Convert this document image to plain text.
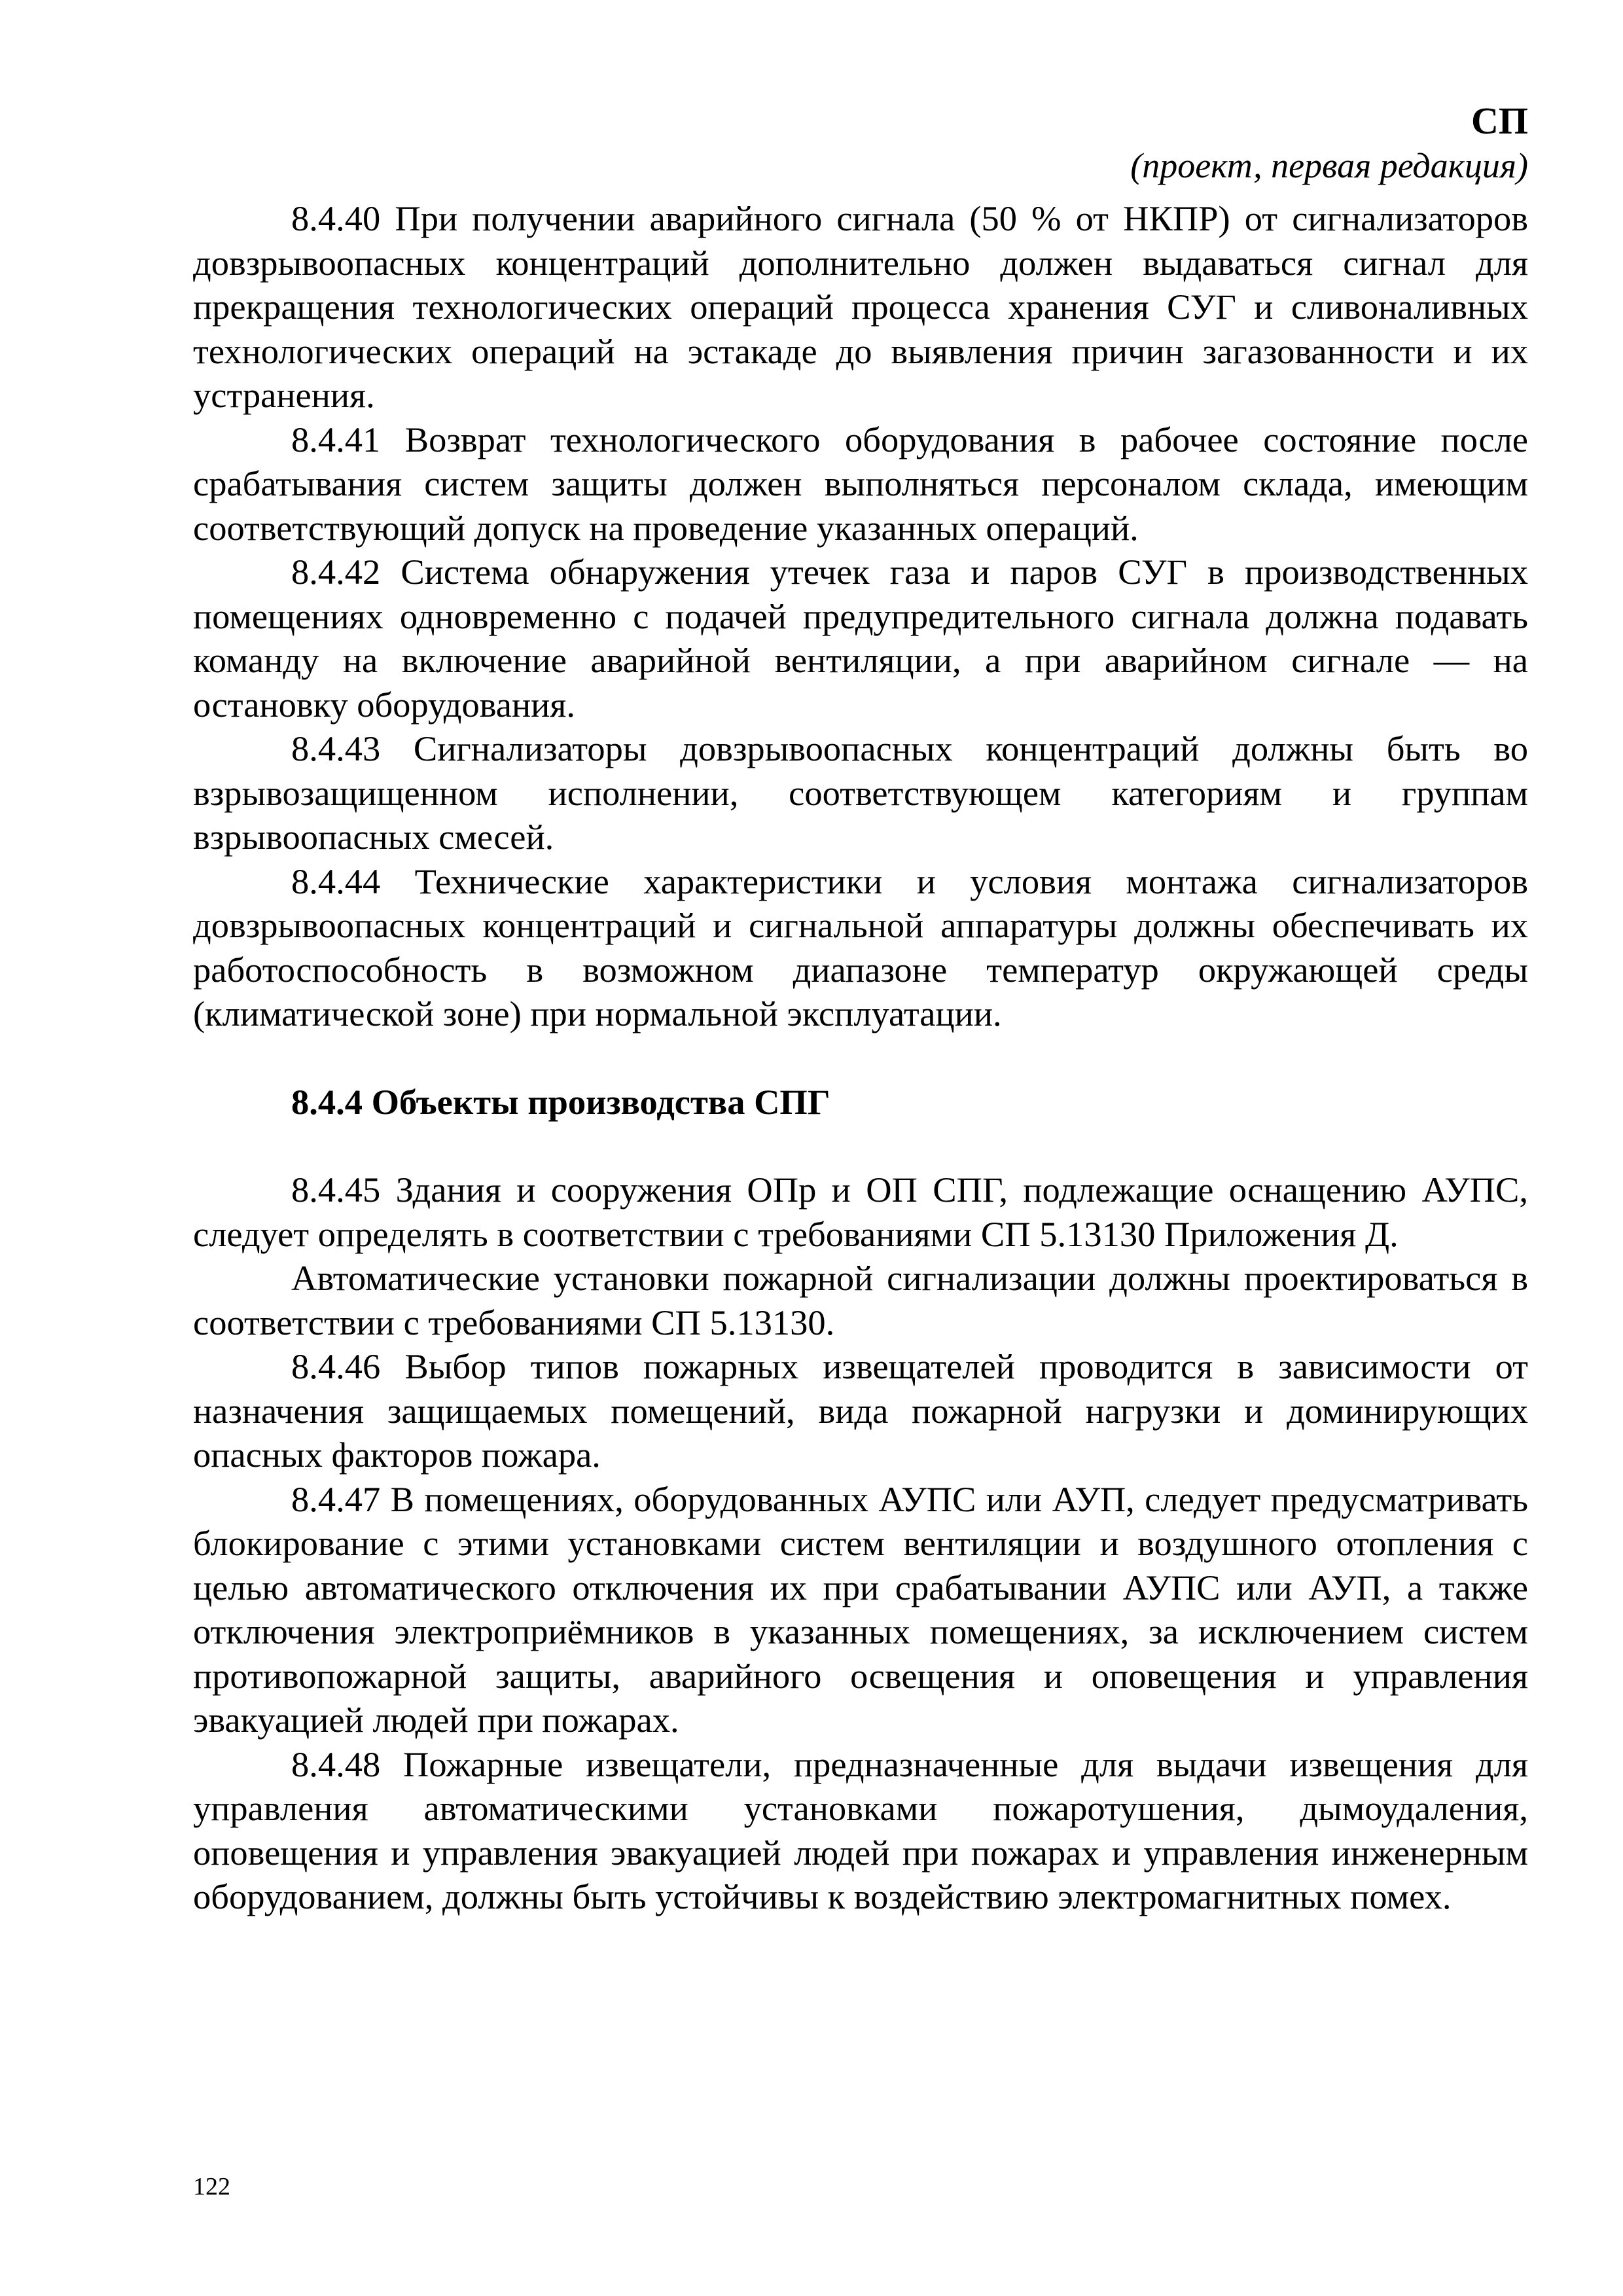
СП
(проект, первая редакция)

8.4.40 При получении аварийного сигнала (50 % от НКПР) от сигнализаторов довзрывоопасных концентраций дополнительно должен выдаваться сигнал для прекращения технологических операций процесса хранения СУГ и сливоналивных технологических операций на эстакаде до выявления причин загазованности и их устранения.

8.4.41 Возврат технологического оборудования в рабочее состояние после срабатывания систем защиты должен выполняться персоналом склада, имеющим соответствующий допуск на проведение указанных операций.

8.4.42 Система обнаружения утечек газа и паров СУГ в производственных помещениях одновременно с подачей предупредительного сигнала должна подавать команду на включение аварийной вентиляции, а при аварийном сигнале — на остановку оборудования.

8.4.43 Сигнализаторы довзрывоопасных концентраций должны быть во взрывозащищенном исполнении, соответствующем категориям и группам взрывоопасных смесей.

8.4.44 Технические характеристики и условия монтажа сигнализаторов довзрывоопасных концентраций и сигнальной аппаратуры должны обеспечивать их работоспособность в возможном диапазоне температур окружающей среды (климатической зоне) при нормальной эксплуатации.

8.4.4 Объекты производства СПГ

8.4.45 Здания и сооружения ОПр и ОП СПГ, подлежащие оснащению АУПС, следует определять в соответствии с требованиями СП 5.13130 Приложения Д.

Автоматические установки пожарной сигнализации должны проектироваться в соответствии с требованиями СП 5.13130.

8.4.46 Выбор типов пожарных извещателей проводится в зависимости от назначения защищаемых помещений, вида пожарной нагрузки и доминирующих опасных факторов пожара.

8.4.47 В помещениях, оборудованных АУПС или АУП, следует предусматривать блокирование с этими установками систем вентиляции и воздушного отопления с целью автоматического отключения их при срабатывании АУПС или АУП, а также отключения электроприёмников в указанных помещениях, за исключением систем противопожарной защиты, аварийного освещения и оповещения и управления эвакуацией людей при пожарах.

8.4.48 Пожарные извещатели, предназначенные для выдачи извещения для управления автоматическими установками пожаротушения, дымоудаления, оповещения и управления эвакуацией людей при пожарах и управления инженерным оборудованием, должны быть устойчивы к воздействию электромагнитных помех.

122
